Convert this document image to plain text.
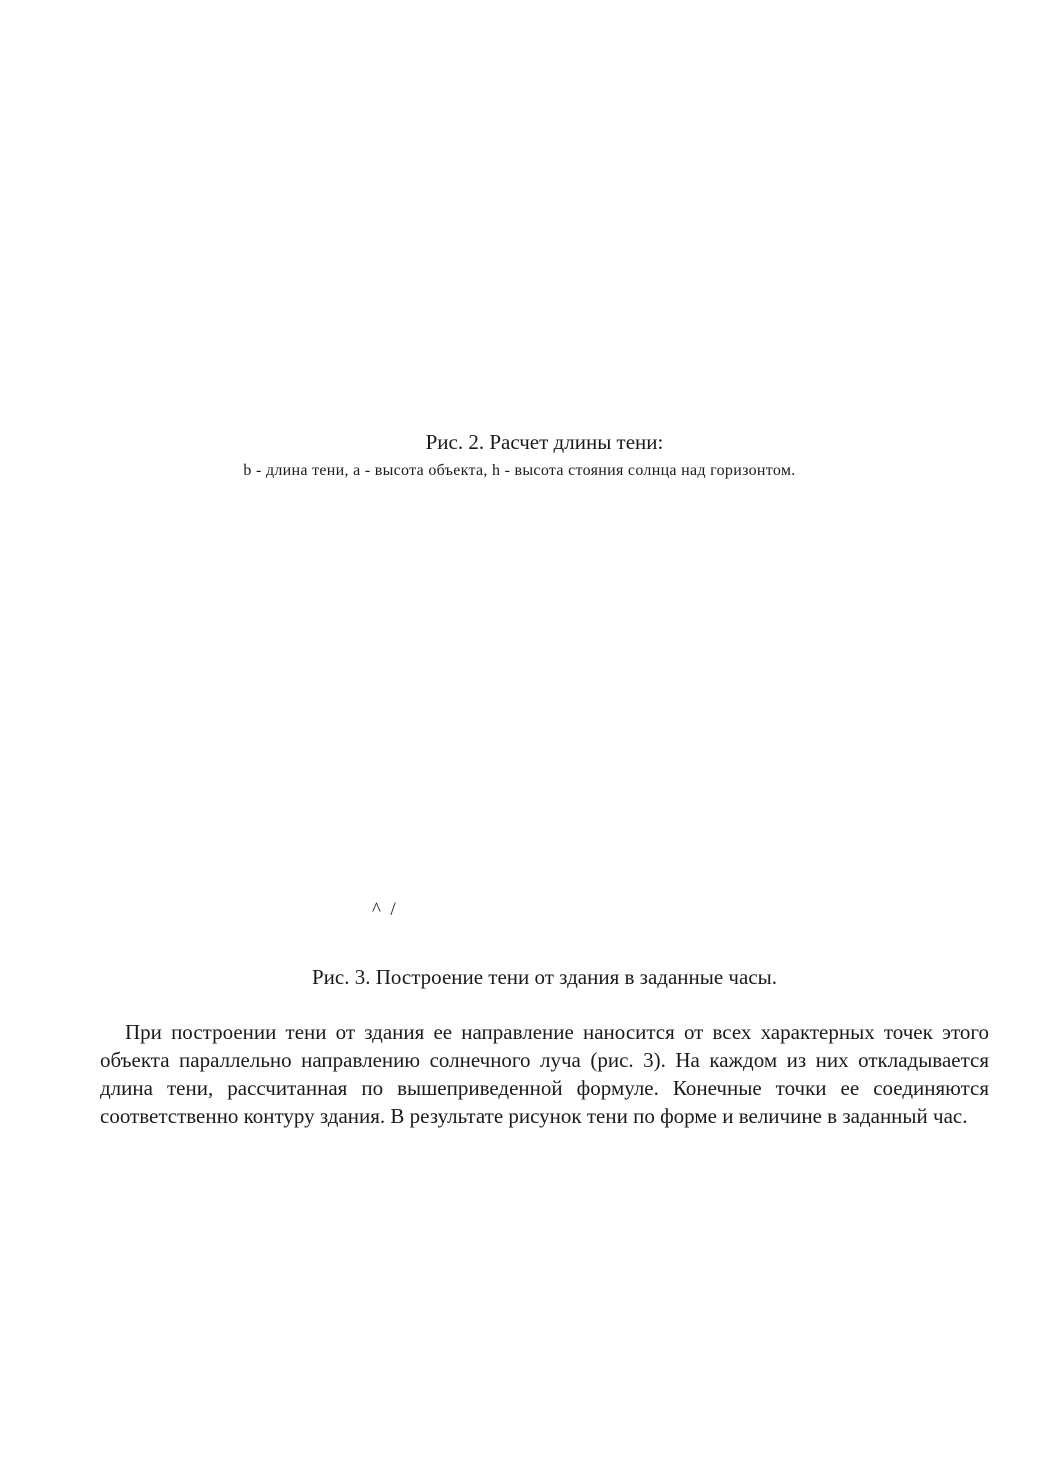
Рис. 2. Расчет длины тени:
b - длина тени, а - высота объекта, h - высота стояния солнца над горизонтом.
^  /
Рис. 3. Построение тени от здания в заданные часы.

При построении тени от здания ее направление наносится от всех характерных точек этого объекта параллельно направлению солнечного луча (рис. 3). На каждом из них откладывается длина тени, рассчитанная по вышеприведенной формуле. Конечные точки ее соединяются соответственно контуру здания. В результате рисунок тени по форме и величине в заданный час.
